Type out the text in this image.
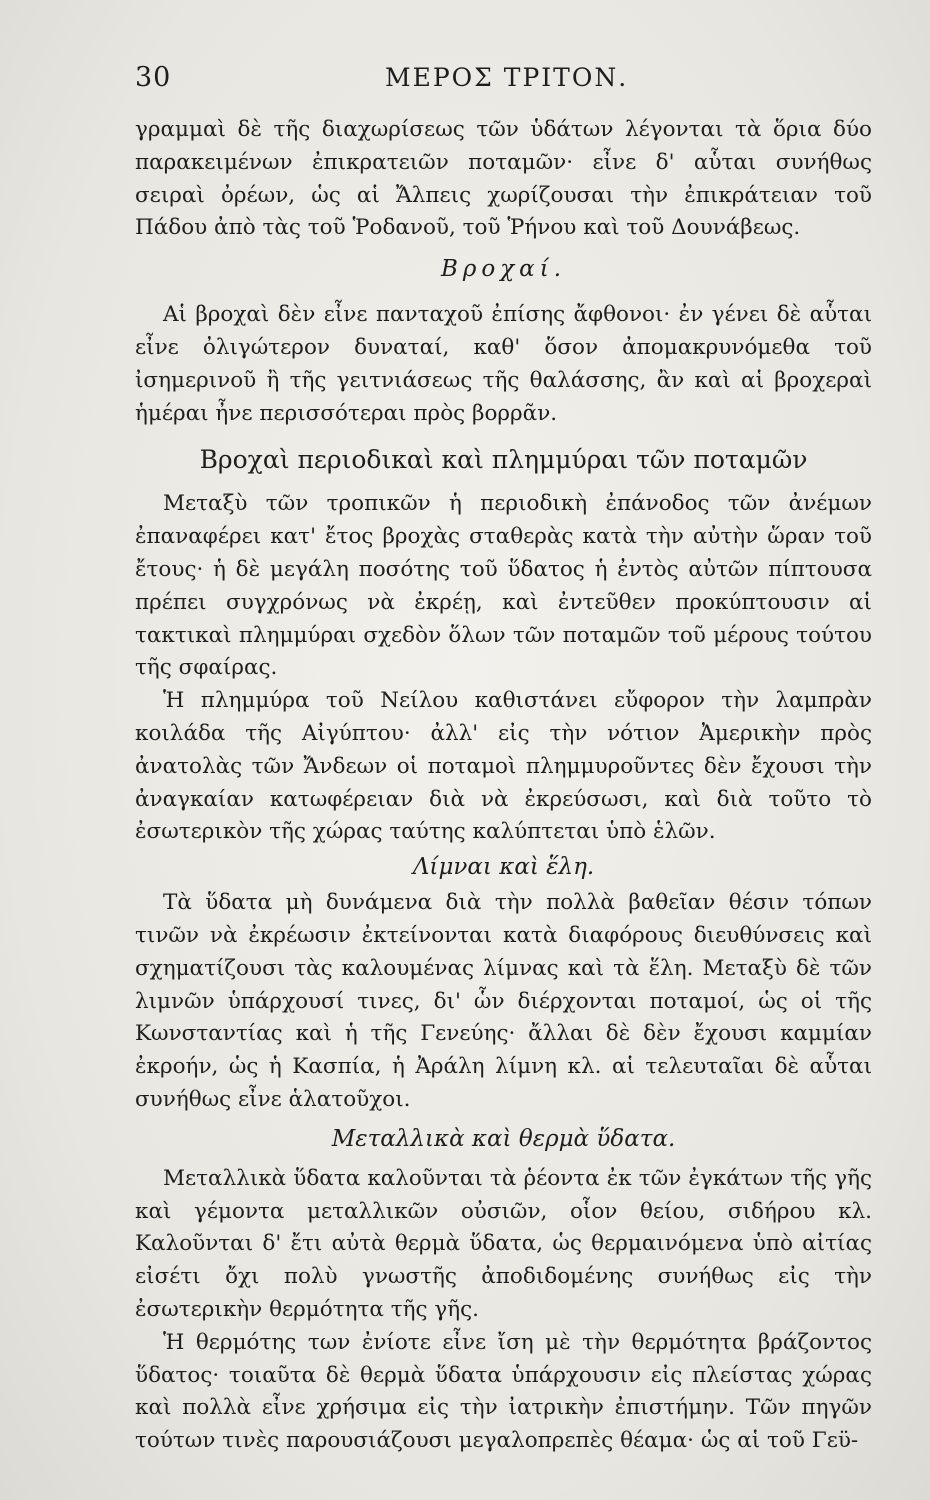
30	ΜΕΡΟΣ ΤΡΙΤΟΝ.

γραμμαὶ δὲ τῆς διαχωρίσεως τῶν ὑδάτων λέγονται τὰ ὅρια δύο παρακειμένων ἐπικρατειῶν ποταμῶν· εἶνε δ' αὗται συνήθως σειραὶ ὀρέων, ὡς αἱ Ἄλπεις χωρίζουσαι τὴν ἐπικράτειαν τοῦ Πάδου ἀπὸ τὰς τοῦ Ῥοδανοῦ, τοῦ Ῥήνου καὶ τοῦ Δουνάβεως.

Βροχαί.

Αἱ βροχαὶ δὲν εἶνε πανταχοῦ ἐπίσης ἄφθονοι· ἐν γένει δὲ αὗται εἶνε ὀλιγώτερον δυναταί, καθ' ὅσον ἀπομακρυνόμεθα τοῦ ἰσημερινοῦ ἢ τῆς γειτνιάσεως τῆς θαλάσσης, ἂν καὶ αἱ βροχεραὶ ἡμέραι ἦνε περισσότεραι πρὸς βορρᾶν.

Βροχαὶ περιοδικαὶ καὶ πλημμύραι τῶν ποταμῶν

Μεταξὺ τῶν τροπικῶν ἡ περιοδικὴ ἐπάνοδος τῶν ἀνέμων ἐπαναφέρει κατ' ἔτος βροχὰς σταθερὰς κατὰ τὴν αὐτὴν ὥραν τοῦ ἔτους· ἡ δὲ μεγάλη ποσότης τοῦ ὕδατος ἡ ἐντὸς αὐτῶν πίπτουσα πρέπει συγχρόνως νὰ ἐκρέῃ, καὶ ἐντεῦθεν προκύπτουσιν αἱ τακτικαὶ πλημμύραι σχεδὸν ὅλων τῶν ποταμῶν τοῦ μέρους τούτου τῆς σφαίρας.

Ἡ πλημμύρα τοῦ Νείλου καθιστάνει εὔφορον τὴν λαμπρὰν κοιλάδα τῆς Αἰγύπτου· ἀλλ' εἰς τὴν νότιον Ἀμερικὴν πρὸς ἀνατολὰς τῶν Ἄνδεων οἱ ποταμοὶ πλημμυροῦντες δὲν ἔχουσι τὴν ἀναγκαίαν κατωφέρειαν διὰ νὰ ἐκρεύσωσι, καὶ διὰ τοῦτο τὸ ἐσωτερικὸν τῆς χώρας ταύτης καλύπτεται ὑπὸ ἑλῶν.

Λίμναι καὶ ἕλη.

Τὰ ὕδατα μὴ δυνάμενα διὰ τὴν πολλὰ βαθεῖαν θέσιν τόπων τινῶν νὰ ἐκρέωσιν ἐκτείνονται κατὰ διαφόρους διευθύνσεις καὶ σχηματίζουσι τὰς καλουμένας λίμνας καὶ τὰ ἕλη. Μεταξὺ δὲ τῶν λιμνῶν ὑπάρχουσί τινες, δι' ὧν διέρχονται ποταμοί, ὡς οἱ τῆς Κωνσταντίας καὶ ἡ τῆς Γενεύης· ἄλλαι δὲ δὲν ἔχουσι καμμίαν ἐκροήν, ὡς ἡ Κασπία, ἡ Ἀράλη λίμνη κλ. αἱ τελευταῖαι δὲ αὗται συνήθως εἶνε ἁλατοῦχοι.

Μεταλλικὰ καὶ θερμὰ ὕδατα.

Μεταλλικὰ ὕδατα καλοῦνται τὰ ῥέοντα ἐκ τῶν ἐγκάτων τῆς γῆς καὶ γέμοντα μεταλλικῶν οὐσιῶν, οἷον θείου, σιδήρου κλ. Καλοῦνται δ' ἔτι αὐτὰ θερμὰ ὕδατα, ὡς θερμαινόμενα ὑπὸ αἰτίας εἰσέτι ὄχι πολὺ γνωστῆς ἀποδιδομένης συνήθως εἰς τὴν ἐσωτερικὴν θερμότητα τῆς γῆς.

Ἡ θερμότης των ἐνίοτε εἶνε ἴση μὲ τὴν θερμότητα βράζοντος ὕδατος· τοιαῦτα δὲ θερμὰ ὕδατα ὑπάρχουσιν εἰς πλείστας χώρας καὶ πολλὰ εἶνε χρήσιμα εἰς τὴν ἰατρικὴν ἐπιστήμην. Τῶν πηγῶν τούτων τινὲς παρουσιάζουσι μεγαλοπρεπὲς θέαμα· ὡς αἱ τοῦ Γεϋ-
